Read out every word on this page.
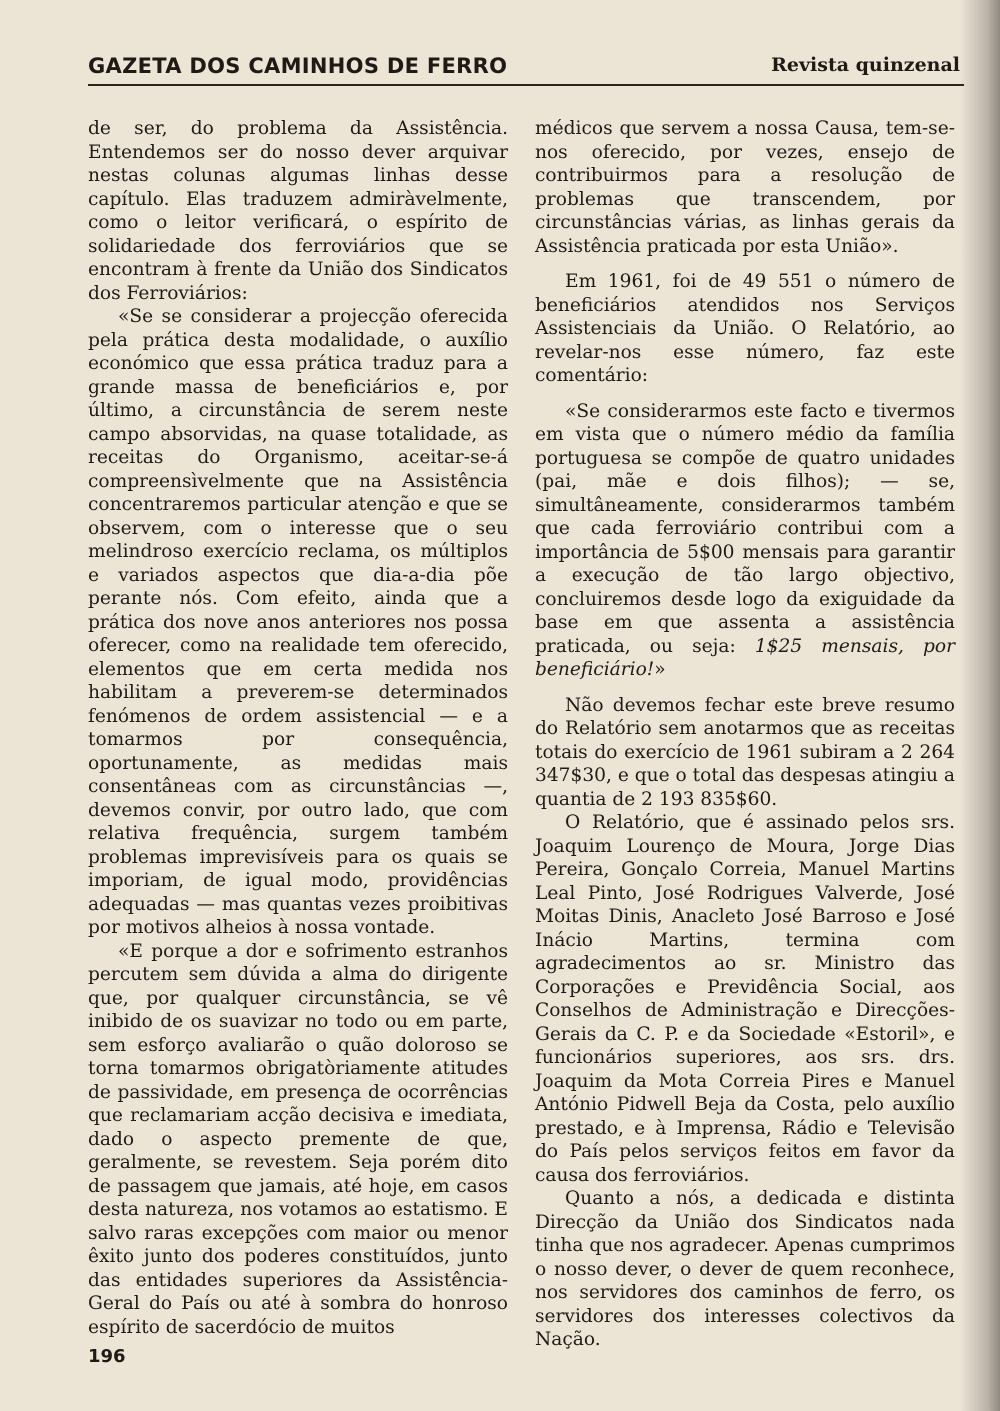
GAZETA DOS CAMINHOS DE FERRO	Revista quinzenal

de ser, do problema da Assistência. Entendemos ser do nosso dever arquivar nestas colunas algumas linhas desse capítulo. Elas traduzem admiràvelmente, como o leitor verificará, o espírito de solidariedade dos ferroviários que se encontram à frente da União dos Sindicatos dos Ferroviários:

«Se se considerar a projecção oferecida pela prática desta modalidade, o auxílio económico que essa prática traduz para a grande massa de beneficiários e, por último, a circunstância de serem neste campo absorvidas, na quase totalidade, as receitas do Organismo, aceitar-se-á compreensìvelmente que na Assistência concentraremos particular atenção e que se observem, com o interesse que o seu melindroso exercício reclama, os múltiplos e variados aspectos que dia-a-dia põe perante nós. Com efeito, ainda que a prática dos nove anos anteriores nos possa oferecer, como na realidade tem oferecido, elementos que em certa medida nos habilitam a preverem-se determinados fenómenos de ordem assistencial — e a tomarmos por consequência, oportunamente, as medidas mais consentâneas com as circunstâncias —, devemos convir, por outro lado, que com relativa frequência, surgem também problemas imprevisíveis para os quais se imporiam, de igual modo, providências adequadas — mas quantas vezes proibitivas por motivos alheios à nossa vontade.

«E porque a dor e sofrimento estranhos percutem sem dúvida a alma do dirigente que, por qualquer circunstância, se vê inibido de os suavizar no todo ou em parte, sem esforço avaliarão o quão doloroso se torna tomarmos obrigatòriamente atitudes de passividade, em presença de ocorrências que reclamariam acção decisiva e imediata, dado o aspecto premente de que, geralmente, se revestem. Seja porém dito de passagem que jamais, até hoje, em casos desta natureza, nos votamos ao estatismo. E salvo raras excepções com maior ou menor êxito junto dos poderes constituídos, junto das entidades superiores da Assistência-Geral do País ou até à sombra do honroso espírito de sacerdócio de muitos

médicos que servem a nossa Causa, tem-se-nos oferecido, por vezes, ensejo de contribuirmos para a resolução de problemas que transcendem, por circunstâncias várias, as linhas gerais da Assistência praticada por esta União».

Em 1961, foi de 49 551 o número de beneficiários atendidos nos Serviços Assistenciais da União. O Relatório, ao revelar-nos esse número, faz este comentário:

«Se considerarmos este facto e tivermos em vista que o número médio da família portuguesa se compõe de quatro unidades (pai, mãe e dois filhos); — se, simultâneamente, considerarmos também que cada ferroviário contribui com a importância de 5$00 mensais para garantir a execução de tão largo objectivo, concluiremos desde logo da exiguidade da base em que assenta a assistência praticada, ou seja: 1$25 mensais, por beneficiário!»

Não devemos fechar este breve resumo do Relatório sem anotarmos que as receitas totais do exercício de 1961 subiram a 2 264 347$30, e que o total das despesas atingiu a quantia de 2 193 835$60.

O Relatório, que é assinado pelos srs. Joaquim Lourenço de Moura, Jorge Dias Pereira, Gonçalo Correia, Manuel Martins Leal Pinto, José Rodrigues Valverde, José Moitas Dinis, Anacleto José Barroso e José Inácio Martins, termina com agradecimentos ao sr. Ministro das Corporações e Previdência Social, aos Conselhos de Administração e Direcções-Gerais da C. P. e da Sociedade «Estoril», e funcionários superiores, aos srs. drs. Joaquim da Mota Correia Pires e Manuel António Pidwell Beja da Costa, pelo auxílio prestado, e à Imprensa, Rádio e Televisão do País pelos serviços feitos em favor da causa dos ferroviários.

Quanto a nós, a dedicada e distinta Direcção da União dos Sindicatos nada tinha que nos agradecer. Apenas cumprimos o nosso dever, o dever de quem reconhece, nos servidores dos caminhos de ferro, os servidores dos interesses colectivos da Nação.

196
